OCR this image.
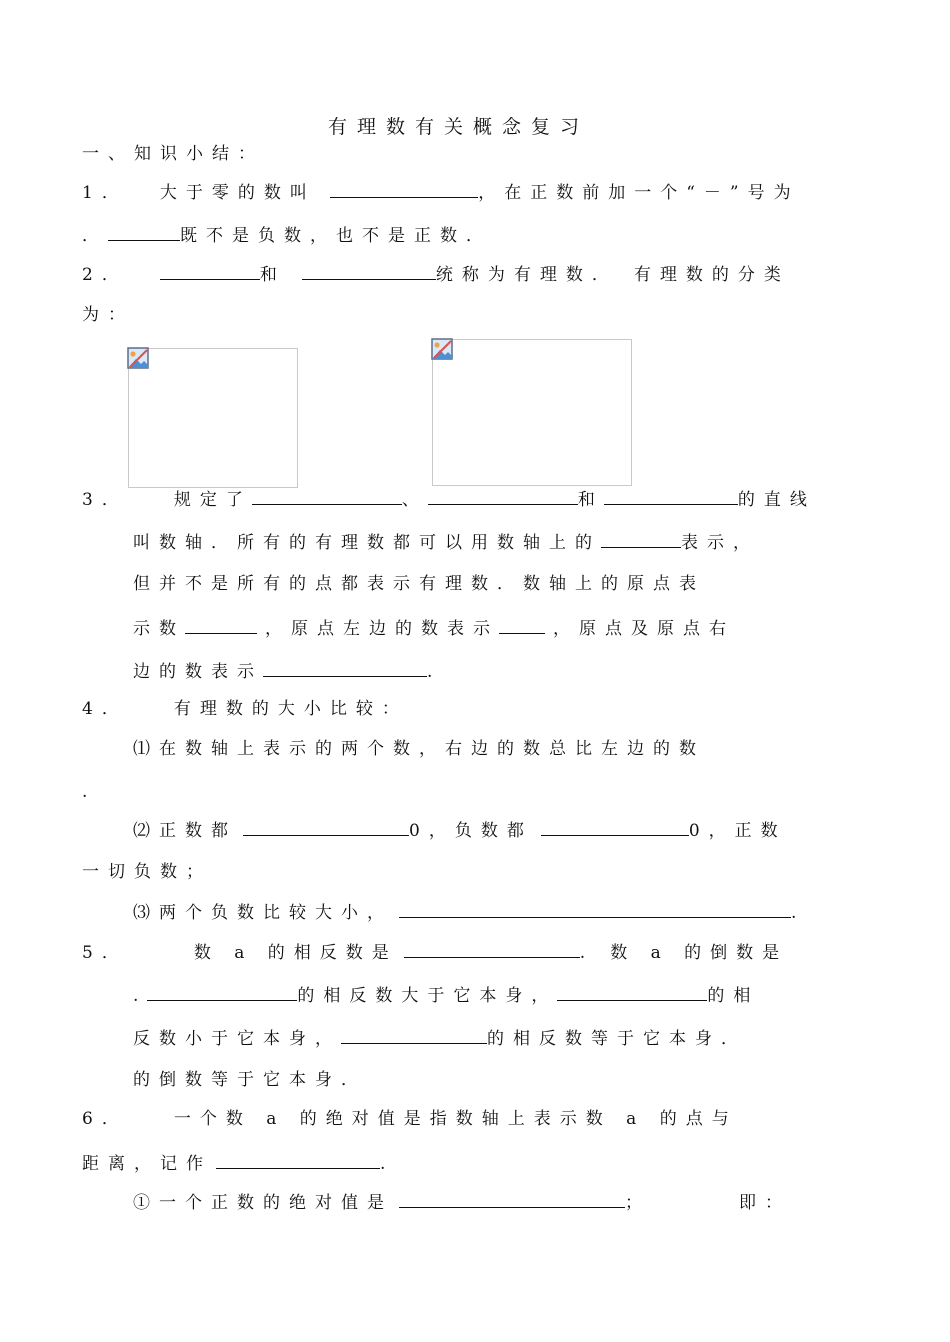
有理数有关概念复习
一、知识小结：
1． 大于零的数叫	，在正数前加一个“－”号为
．	既不是负数，也不是正数．
2．	和	统称为有理数． 有理数的分类
为：
3．	规定了	、	和	的直线
叫数轴．所有的有理数都可以用数轴上的	表示，
但并不是所有的点都表示有理数．数轴上的原点表
示数	，原点左边的数表示	，原点及原点右
边的数表示	.
4．	有理数的大小比较：
⑴在数轴上表示的两个数，右边的数总比左边的数
.
⑵正数都	0，负数都	0，正数
一切负数；
⑶两个负数比较大小，	.
5．	数 a 的相反数是	. 数 a 的倒数是
.	的相反数大于它本身，	的相
反数小于它本身，	的相反数等于它本身．
的倒数等于它本身．
6．	一个数 a 的绝对值是指数轴上表示数 a 的点与
距离，记作	.
①一个正数的绝对值是	；	即：
